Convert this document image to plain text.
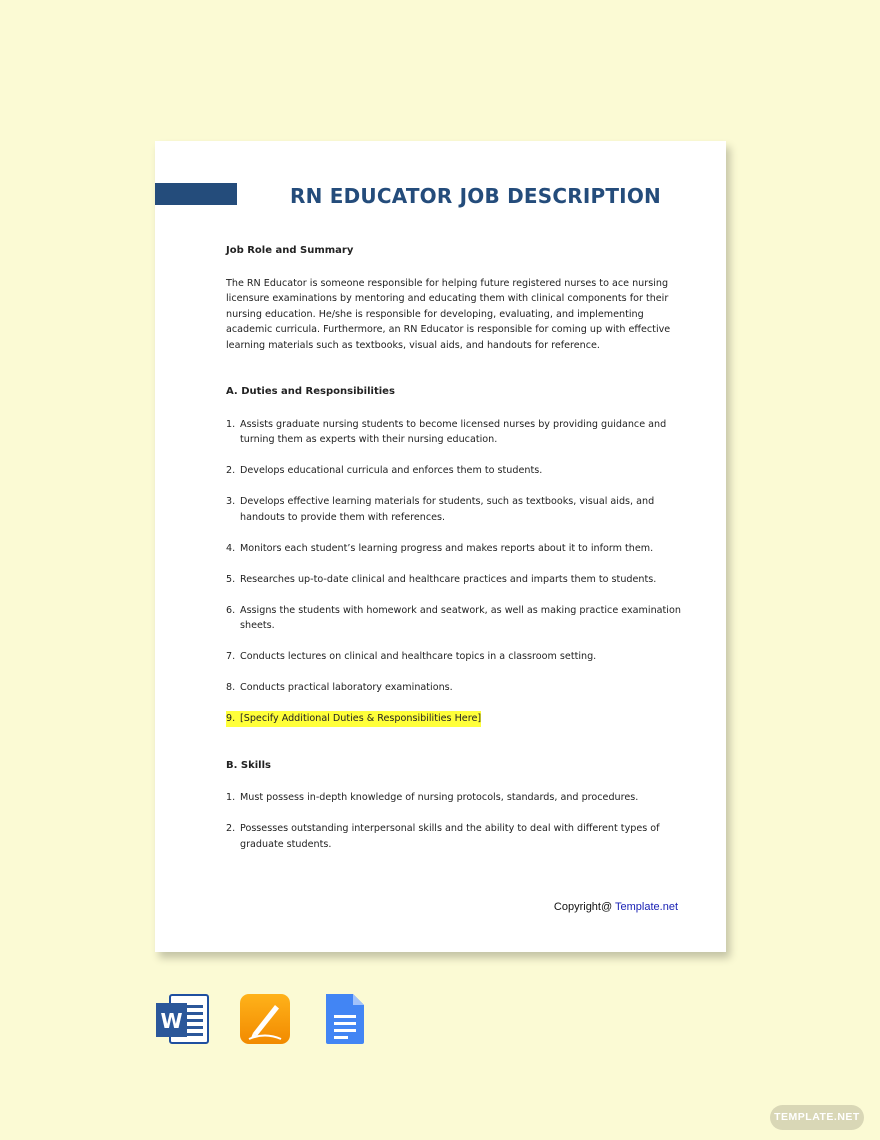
RN EDUCATOR JOB DESCRIPTION

Job Role and Summary

The RN Educator is someone responsible for helping future registered nurses to ace nursing licensure examinations by mentoring and educating them with clinical components for their nursing education. He/she is responsible for developing, evaluating, and implementing academic curricula. Furthermore, an RN Educator is responsible for coming up with effective learning materials such as textbooks, visual aids, and handouts for reference.

A. Duties and Responsibilities

1. Assists graduate nursing students to become licensed nurses by providing guidance and turning them as experts with their nursing education.
2. Develops educational curricula and enforces them to students.
3. Develops effective learning materials for students, such as textbooks, visual aids, and handouts to provide them with references.
4. Monitors each student’s learning progress and makes reports about it to inform them.
5. Researches up-to-date clinical and healthcare practices and imparts them to students.
6. Assigns the students with homework and seatwork, as well as making practice examination sheets.
7. Conducts lectures on clinical and healthcare topics in a classroom setting.
8. Conducts practical laboratory examinations.
9. [Specify Additional Duties & Responsibilities Here]

B. Skills

1. Must possess in-depth knowledge of nursing protocols, standards, and procedures.
2. Possesses outstanding interpersonal skills and the ability to deal with different types of graduate students.
Copyright@ Template.net
W
TEMPLATE.NET
